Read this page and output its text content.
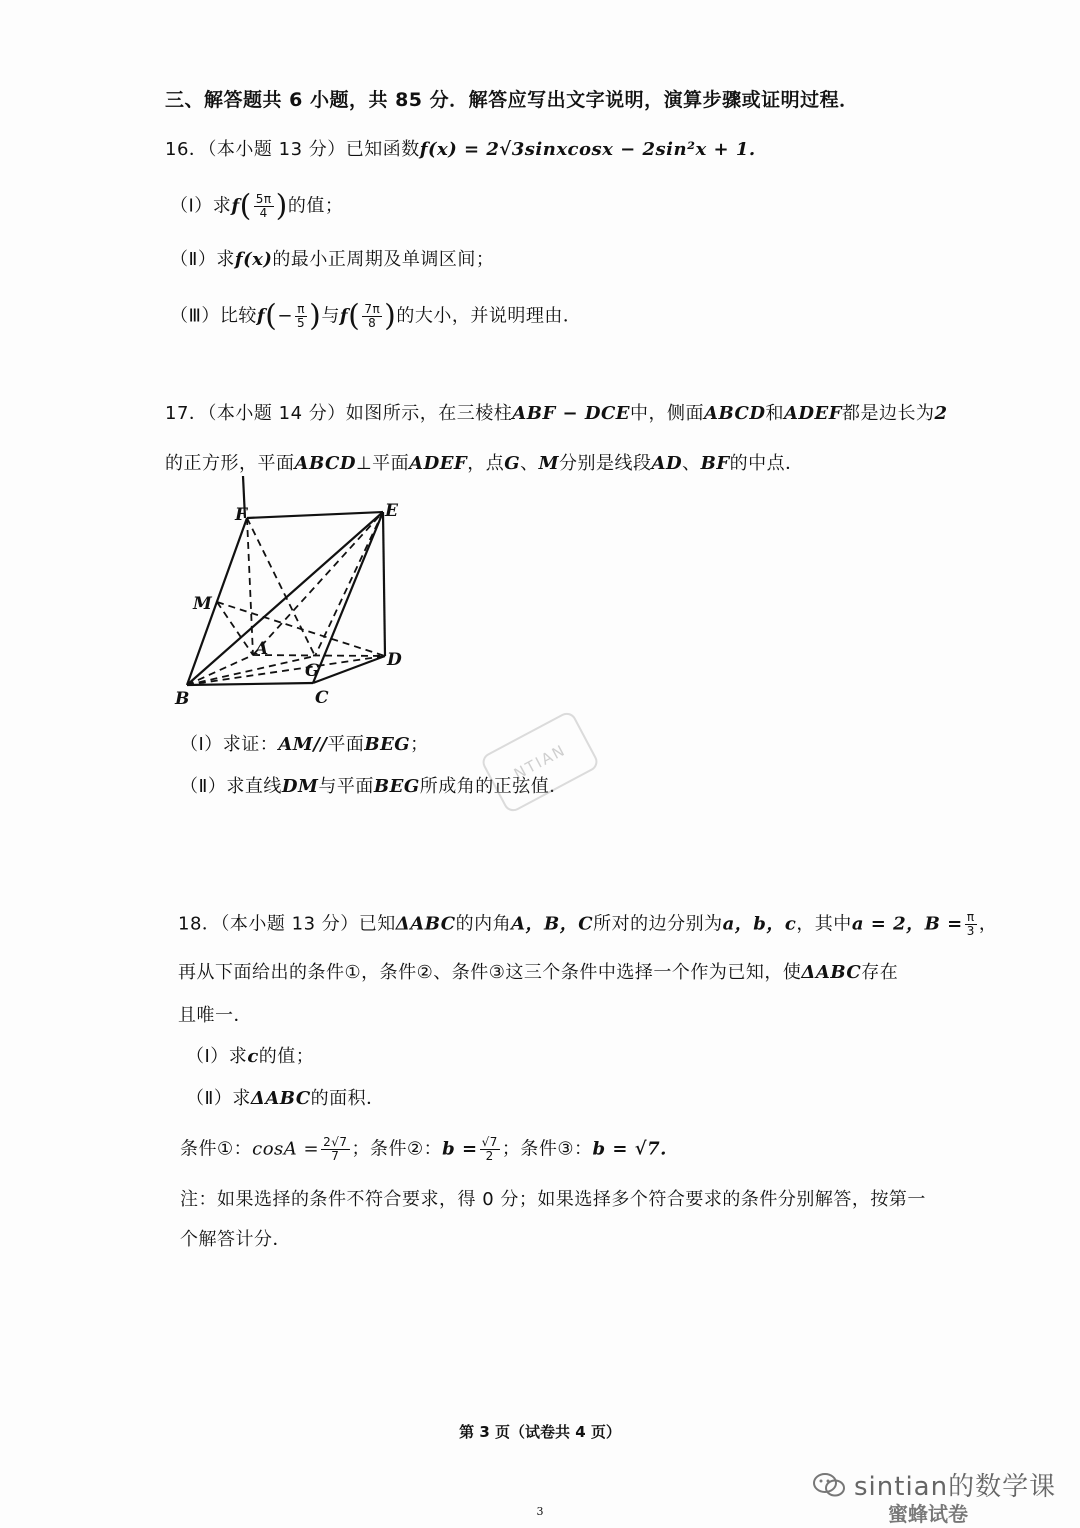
三、解答题共 6 小题，共 85 分．解答应写出文字说明，演算步骤或证明过程．
16．（本小题 13 分）已知函数f(x) = 2√3sinxcosx − 2sin²x + 1.
（Ⅰ）求$f( \frac{5\pi}{4}$ )的值；
（Ⅱ）求f(x)的最小正周期及单调区间；
（Ⅲ）比较$f(- \frac{\pi}{5}$ )与$f( \frac{7\pi}{8}$ )的大小，并说明理由．
17．（本小题 14 分）如图所示，在三棱柱ABF − DCE中，侧面ABCD和ADEF都是边长为2
的正方形，平面ABCD⊥平面ADEF，点G、M分别是线段AD、BF的中点．
F	E
M
A
G
D
B	C
（Ⅰ）求证：AM//平面BEG；
（Ⅱ）求直线DM与平面BEG所成角的正弦值．
NTIAN
18．（本小题 13 分）已知ΔABC的内角A，B，C所对的边分别为a，b，c，其中a = 2，$B = \frac{\pi}{3}$ ，
再从下面给出的条件①，条件②、条件③这三个条件中选择一个作为已知，使ΔABC存在
且唯一．
（Ⅰ）求c的值；
（Ⅱ）求ΔABC的面积．
条件①：$\cos A = \frac{2√7}{7}$ ；条件②：$b = \frac{√7}{2}$ ；条件③：b = √7.
注：如果选择的条件不符合要求，得 0 分；如果选择多个符合要求的条件分别解答，按第一
个解答计分．
第 3 页（试卷共 4 页）
3
sintian的数学课
蜜蜂试卷
